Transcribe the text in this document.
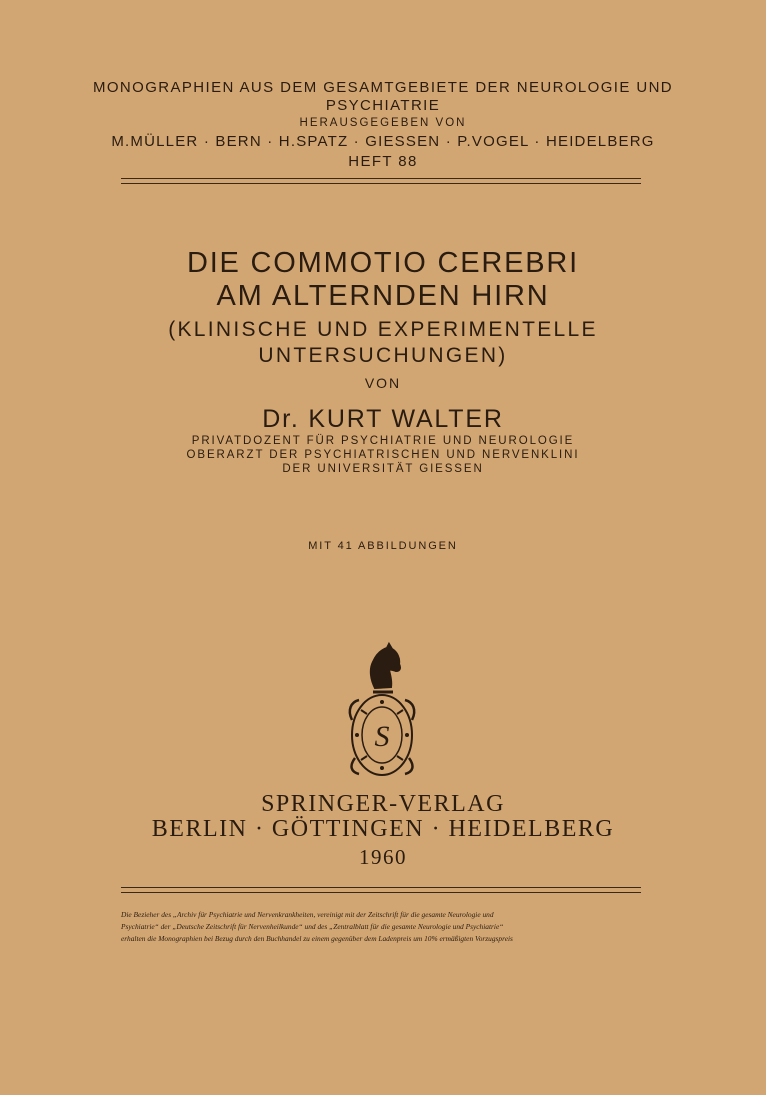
MONOGRAPHIEN AUS DEM GESAMTGEBIETE DER NEUROLOGIE UND
PSYCHIATRIE
HERAUSGEGEBEN VON
M.MÜLLER · BERN · H.SPATZ · GIESSEN · P.VOGEL · HEIDELBERG
HEFT 88
DIE COMMOTIO CEREBRI
AM ALTERNDEN HIRN
(KLINISCHE UND EXPERIMENTELLE
UNTERSUCHUNGEN)
VON
Dr. KURT WALTER
PRIVATDOZENT FÜR PSYCHIATRIE UND NEUROLOGIE
OBERARZT DER PSYCHIATRISCHEN UND NERVENKLINI
DER UNIVERSITÄT GIESSEN
MIT 41 ABBILDUNGEN
S
SPRINGER-VERLAG
BERLIN · GÖTTINGEN · HEIDELBERG
1960
Die Bezieher des „Archiv für Psychiatrie und Nervenkrankheiten, vereinigt mit der Zeitschrift für die gesamte Neurologie und
Psychiatrie“ der „Deutsche Zeitschrift für Nervenheilkunde“ und des „Zentralblatt für die gesamte Neurologie und Psychiatrie“
erhalten die Monographien bei Bezug durch den Buchhandel zu einem gegenüber dem Ladenpreis um 10% ermäßigten Vorzugspreis
